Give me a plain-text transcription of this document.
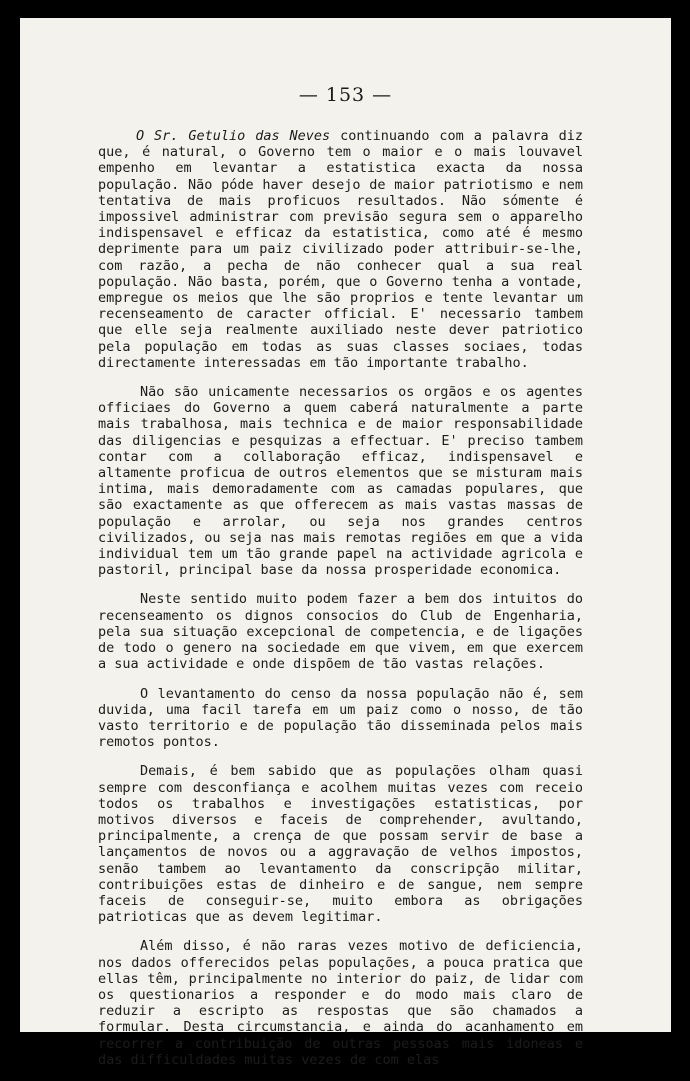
— 153 —

O Sr. Getulio das Neves continuando com a palavra diz que, é natural, o Governo tem o maior e o mais louvavel empenho em levantar a estatistica exacta da nossa população. Não póde haver desejo de maior patriotismo e nem tentativa de mais proficuos resultados. Não sómente é impossivel administrar com previsão segura sem o apparelho indispensavel e efficaz da estatistica, como até é mesmo deprimente para um paiz civilizado poder attribuir-se-lhe, com razão, a pecha de não conhecer qual a sua real população. Não basta, porém, que o Governo tenha a vontade, empregue os meios que lhe são proprios e tente levantar um recenseamento de caracter official. E' necessario tambem que elle seja realmente auxiliado neste dever patriotico pela população em todas as suas classes sociaes, todas directamente interessadas em tão importante trabalho.

Não são unicamente necessarios os orgãos e os agentes officiaes do Governo a quem caberá naturalmente a parte mais trabalhosa, mais technica e de maior responsabilidade das diligencias e pesquizas a effectuar. E' preciso tambem contar com a collaboração efficaz, indispensavel e altamente proficua de outros elementos que se misturam mais intima, mais demoradamente com as camadas populares, que são exactamente as que offerecem as mais vastas massas de população e arrolar, ou seja nos grandes centros civilizados, ou seja nas mais remotas regiões em que a vida individual tem um tão grande papel na actividade agricola e pastoril, principal base da nossa prosperidade economica.

Neste sentido muito podem fazer a bem dos intuitos do recenseamento os dignos consocios do Club de Engenharia, pela sua situação excepcional de competencia, e de ligações de todo o genero na sociedade em que vivem, em que exercem a sua actividade e onde dispõem de tão vastas relações.

O levantamento do censo da nossa população não é, sem duvida, uma facil tarefa em um paiz como o nosso, de tão vasto territorio e de população tão disseminada pelos mais remotos pontos.

Demais, é bem sabido que as populações olham quasi sempre com desconfiança e acolhem muitas vezes com receio todos os trabalhos e investigações estatisticas, por motivos diversos e faceis de comprehender, avultando, principalmente, a crença de que possam servir de base a lançamentos de novos ou a aggravação de velhos impostos, senão tambem ao levantamento da conscripção militar, contribuições estas de dinheiro e de sangue, nem sempre faceis de conseguir-se, muito embora as obrigações patrioticas que as devem legitimar.

Além disso, é não raras vezes motivo de deficiencia, nos dados offerecidos pelas populações, a pouca pratica que ellas têm, principalmente no interior do paiz, de lidar com os questionarios a responder e do modo mais claro de reduzir a escripto as respostas que são chamados a formular. Desta circumstancia, e ainda do acanhamento em recorrer a contribuição de outras pessoas mais idoneas e das difficuldades muitas vezes de com elas
